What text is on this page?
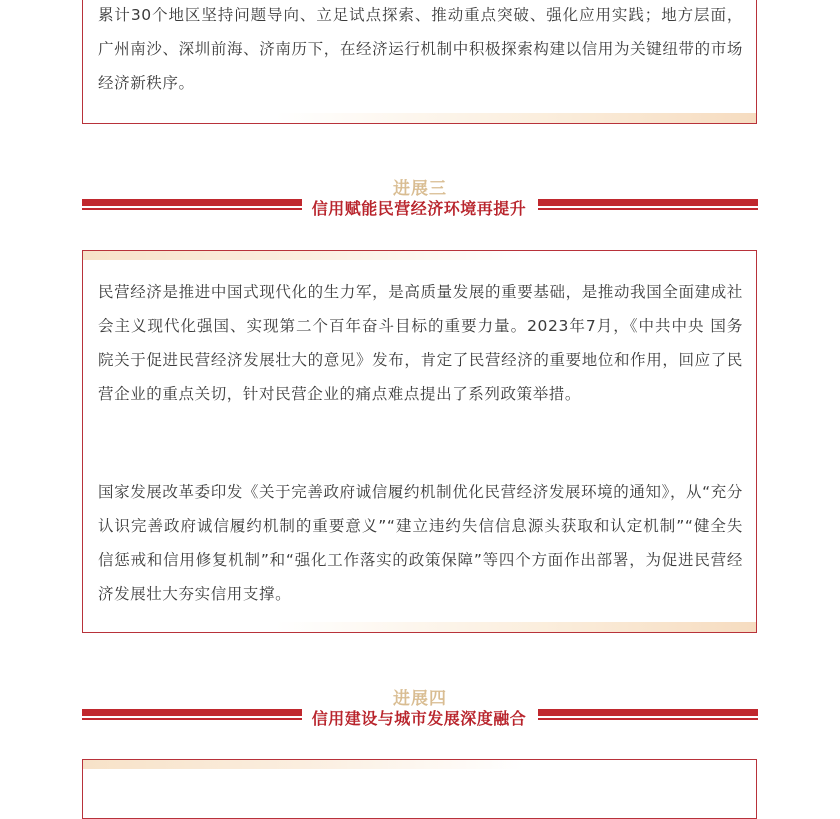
累计30个地区坚持问题导向、立足试点探索、推动重点突破、强化应用实践；地方层面，广州南沙、深圳前海、济南历下，在经济运行机制中积极探索构建以信用为关键纽带的市场经济新秩序。

进展三
信用赋能民营经济环境再提升

民营经济是推进中国式现代化的生力军，是高质量发展的重要基础，是推动我国全面建成社会主义现代化强国、实现第二个百年奋斗目标的重要力量。2023年7月，《中共中央 国务院关于促进民营经济发展壮大的意见》发布，肯定了民营经济的重要地位和作用，回应了民营企业的重点关切，针对民营企业的痛点难点提出了系列政策举措。

国家发展改革委印发《关于完善政府诚信履约机制优化民营经济发展环境的通知》，从“充分认识完善政府诚信履约机制的重要意义”“建立违约失信信息源头获取和认定机制”“健全失信惩戒和信用修复机制”和“强化工作落实的政策保障”等四个方面作出部署，为促进民营经济发展壮大夯实信用支撑。

进展四
信用建设与城市发展深度融合
